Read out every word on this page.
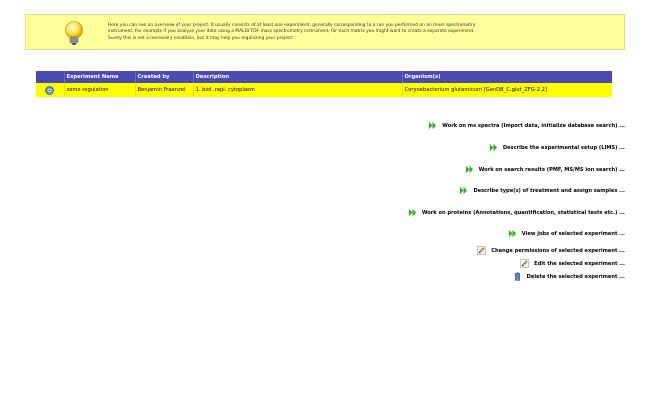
Here you can see an overview of your project. It usually consists of at least one experiment, generally corresponding to a run you performed on an mass spectrometry
instrument. For example if you analyse your data using a MALDI-TOF mass spectrometry instrument, for each matrix you might want to create a separate experiment.
Surely this is not a necessary condition, but it may help you organizing your project.
	Experiment Name	Created by	Description	Organism(s)

	osmo regulation	Benjamin Fraenzel	1. biol. repl. cytoplasm	Corynebacterium glutamicum [GenDB_C.glut_ZFG-2.2]
Work on ms spectra (Import data, initialize database search) ...
Describe the experimental setup (LIMS) ...
Work on search results (PMF, MS/MS ion search) ...
Describe type(s) of treatment and assign samples ...
Work on proteins (Annotations, quantification, statistical tests etc.) ...
View jobs of selected experiment ...
Change permissions of selected experiment ...
Edit the selected experiment ...
Delete the selected experiment ...
